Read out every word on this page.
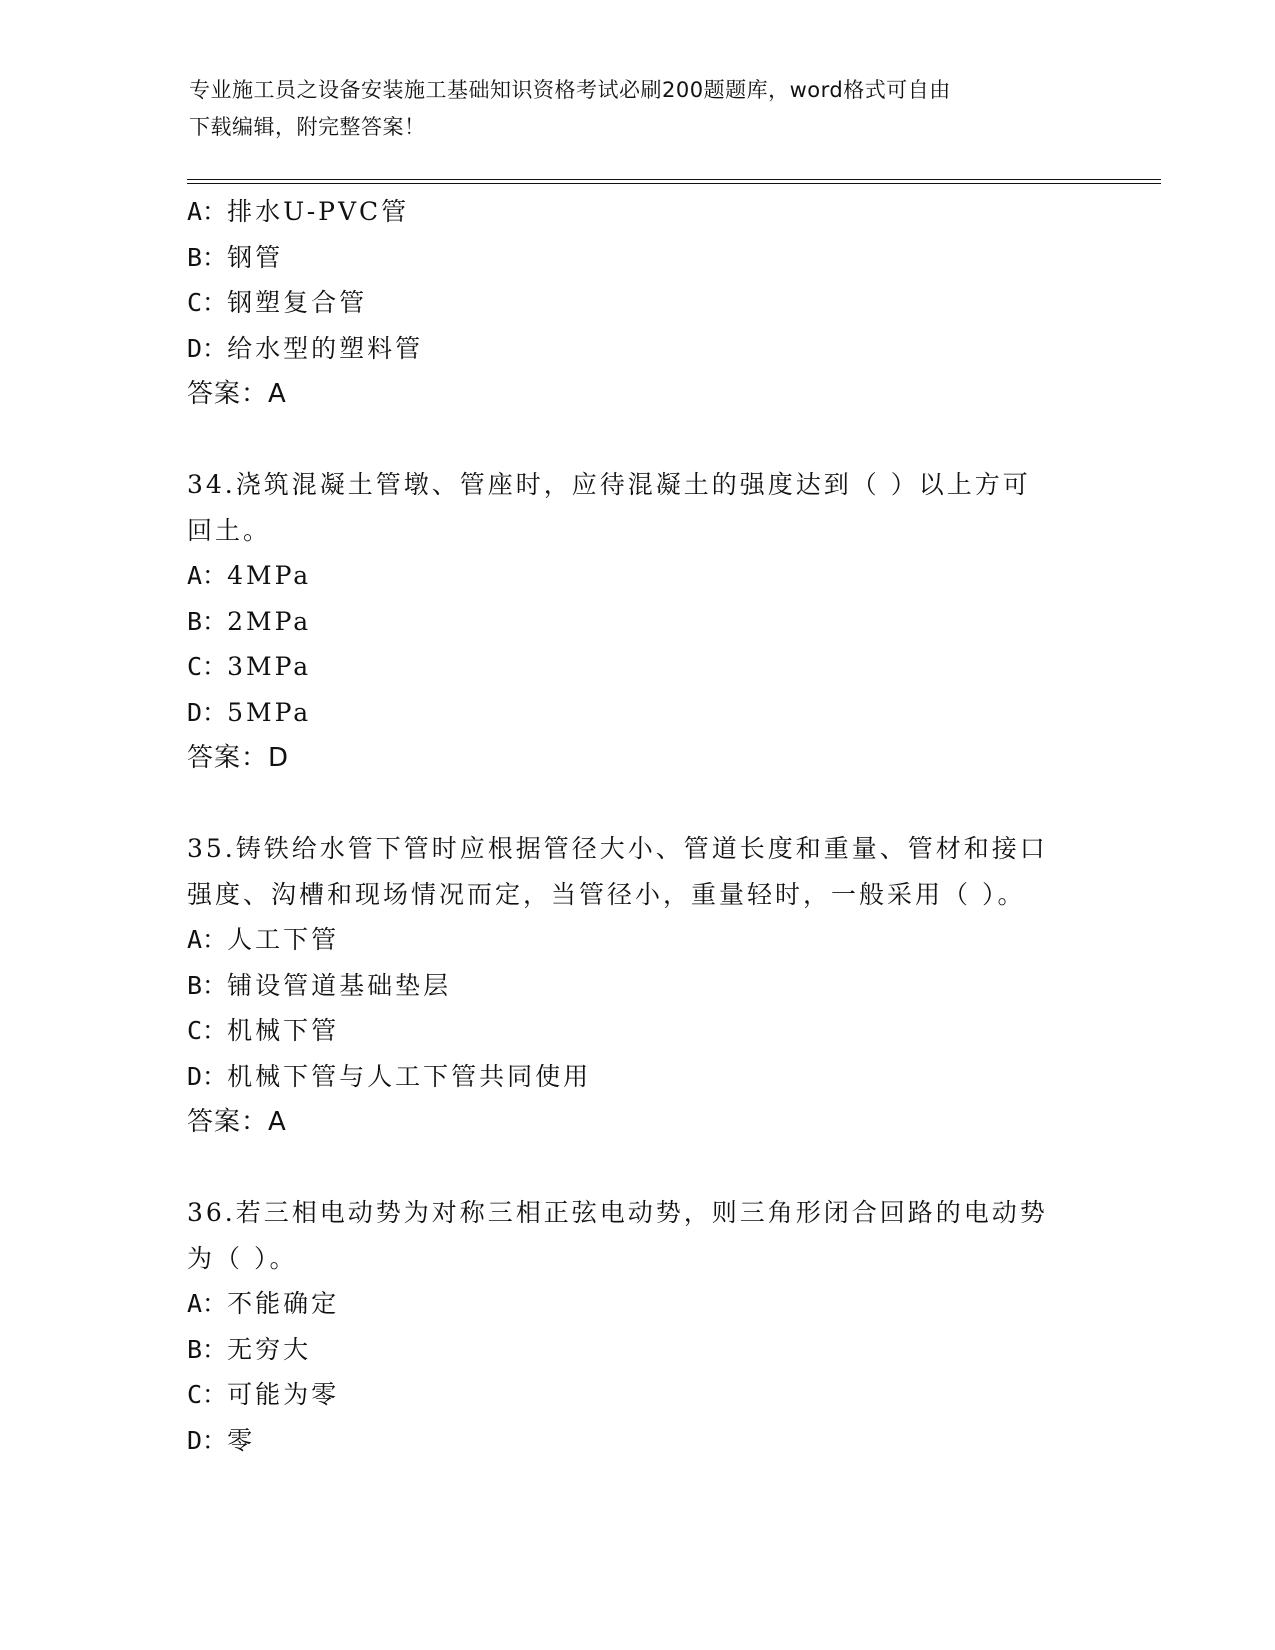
专业施工员之设备安装施工基础知识资格考试必刷200题题库，word格式可自由
下载编辑，附完整答案！
A：排水U-PVC管
B：钢管
C：钢塑复合管
D：给水型的塑料管
答案：A
34.浇筑混凝土管墩、管座时，应待混凝土的强度达到（ ）以上方可
回土。
A：4MPa
B：2MPa
C：3MPa
D：5MPa
答案：D
35.铸铁给水管下管时应根据管径大小、管道长度和重量、管材和接口
强度、沟槽和现场情况而定，当管径小，重量轻时，一般采用（ ）。
A：人工下管
B：铺设管道基础垫层
C：机械下管
D：机械下管与人工下管共同使用
答案：A
36.若三相电动势为对称三相正弦电动势，则三角形闭合回路的电动势
为（ ）。
A：不能确定
B：无穷大
C：可能为零
D：零
